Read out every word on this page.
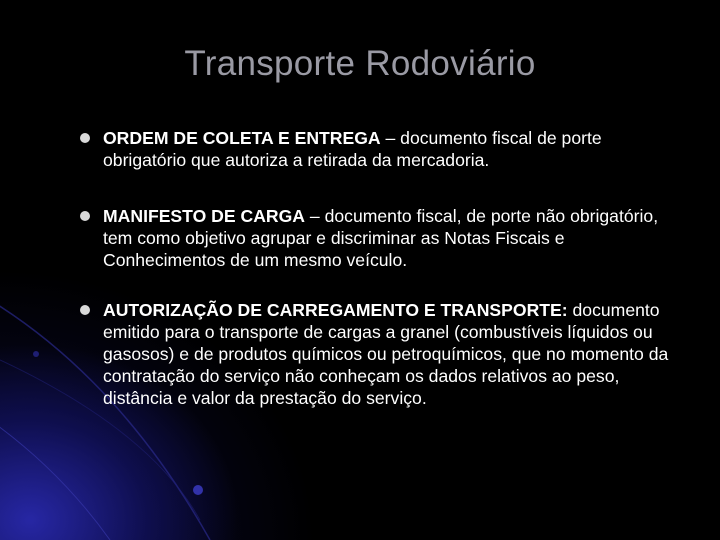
Transporte Rodoviário
ORDEM DE COLETA E ENTREGA – documento fiscal de porte obrigatório que autoriza a retirada da mercadoria.
MANIFESTO DE CARGA – documento fiscal, de porte não obrigatório, tem como objetivo agrupar e discriminar as Notas Fiscais e Conhecimentos de um mesmo veículo.
AUTORIZAÇÃO DE CARREGAMENTO E TRANSPORTE: documento emitido para o transporte de cargas a granel (combustíveis líquidos ou gasosos) e de produtos químicos ou petroquímicos, que no momento da contratação do serviço não conheçam os dados relativos ao peso, distância e valor da prestação do serviço.
